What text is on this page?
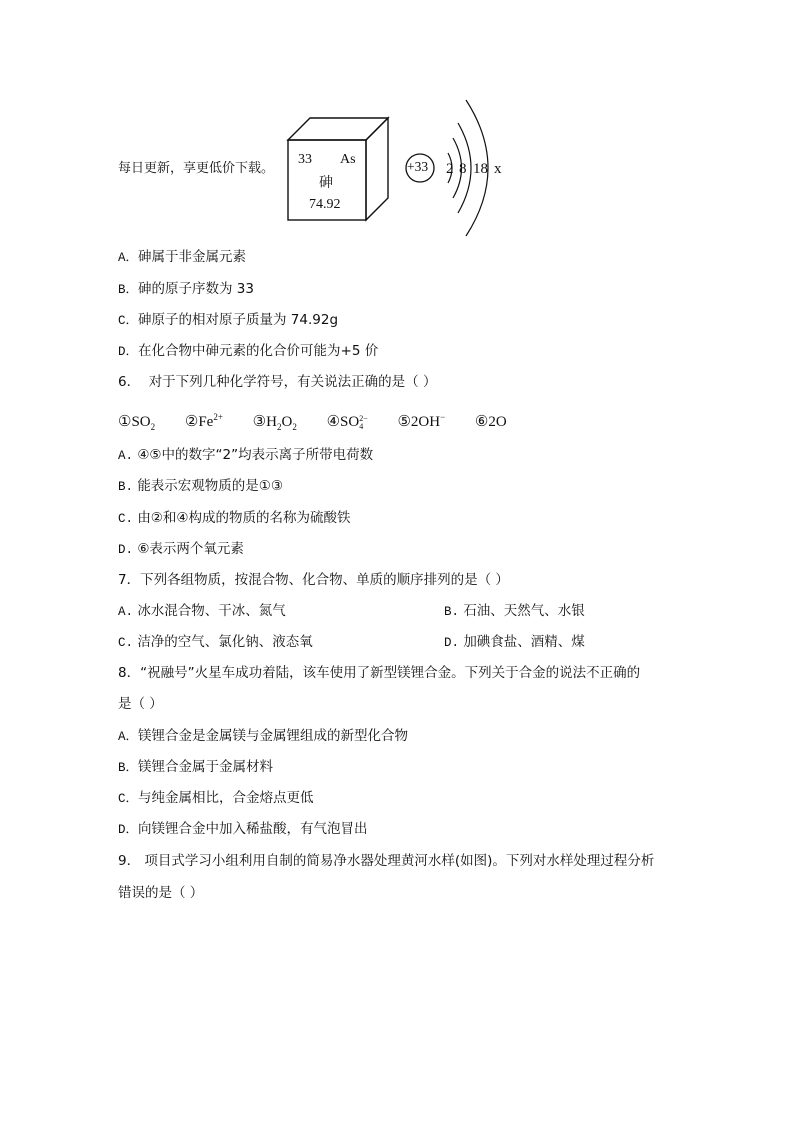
每日更新，享更低价下载。
33 As
砷
74.92
+33 2 8 18 x
A．砷属于非金属元素
B．砷的原子序数为 33
C．砷原子的相对原子质量为 74.92g
D．在化合物中砷元素的化合价可能为+5 价
6． 对于下列几种化学符号，有关说法正确的是（ ）
$①SO_2$ $②Fe^{2+}$ $③H_2O_2$ ④SO 2−
4	⑤2OH− ⑥2O
A. ④⑤中的数字“2”均表示离子所带电荷数
B. 能表示宏观物质的是①③
C. 由②和④构成的物质的名称为硫酸铁
D. ⑥表示两个氧元素
7．下列各组物质，按混合物、化合物、单质的顺序排列的是（ ）
A. 冰水混合物、干冰、氮气	B. 石油、天然气、水银
C. 洁净的空气、氯化钠、液态氧	D. 加碘食盐、酒精、煤
8．“祝融号”火星车成功着陆，该车使用了新型镁锂合金。下列关于合金的说法不正确的
是（ ）
A．镁锂合金是金属镁与金属锂组成的新型化合物
B．镁锂合金属于金属材料
C．与纯金属相比，合金熔点更低
D．向镁锂合金中加入稀盐酸，有气泡冒出
9． 项目式学习小组利用自制的简易净水器处理黄河水样(如图)。下列对水样处理过程分析
错误的是（ ）
